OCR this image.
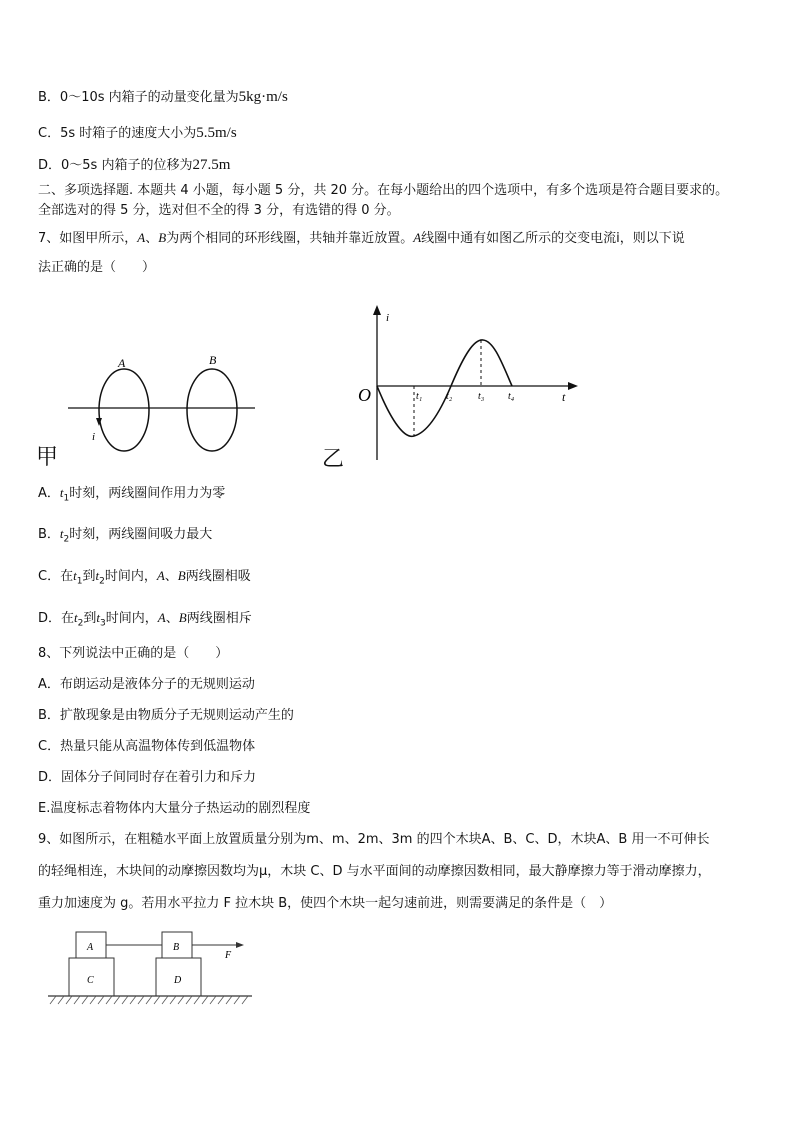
B．0～10s 内箱子的动量变化量为5kg·m/s
C．5s 时箱子的速度大小为5.5m/s
D．0～5s 内箱子的位移为27.5m
二、多项选择题. 本题共 4 小题，每小题 5 分，共 20 分。在每小题给出的四个选项中，有多个选项是符合题目要求的。
全部选对的得 5 分，选对但不全的得 3 分，有选错的得 0 分。
7、如图甲所示，A、B为两个相同的环形线圈，共轴并靠近放置。A线圈中通有如图乙所示的交变电流i，则以下说
法正确的是（　　）
A	B
i
甲
i
O	t₁ t₂	t₃ t₄	t
乙
A．$t_1$时刻，两线圈间作用力为零
B．$t_2$时刻，两线圈间吸力最大
C．在$t_1$到$t_2$时间内，A、B两线圈相吸
D．在$t_2$到$t_3$时间内，A、B两线圈相斥
8、下列说法中正确的是（　　）
A．布朗运动是液体分子的无规则运动
B．扩散现象是由物质分子无规则运动产生的
C．热量只能从高温物体传到低温物体
D．固体分子间同时存在着引力和斥力
E.温度标志着物体内大量分子热运动的剧烈程度
9、如图所示，在粗糙水平面上放置质量分别为m、m、2m、3m 的四个木块A、B、C、D，木块A、B 用一不可伸长
的轻绳相连，木块间的动摩擦因数均为μ，木块 C、D 与水平面间的动摩擦因数相同，最大静摩擦力等于滑动摩擦力，
重力加速度为 g。若用水平拉力 F 拉木块 B，使四个木块一起匀速前进，则需要满足的条件是（　）
A	B
C	D
F
